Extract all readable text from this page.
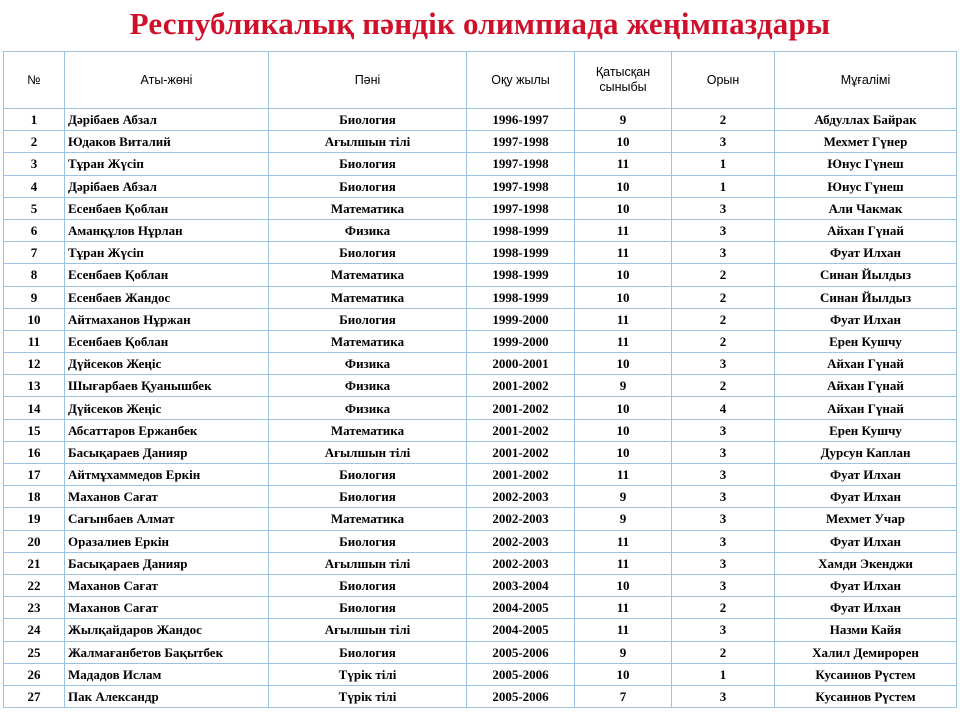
Республикалық пәндік олимпиада жеңімпаздары
№	Аты-жөні	Пәні	Оқу жылы	Қатысқан сыныбы	Орын	Мұғалімі
1	Дәрібаев Абзал	Биология	1996-1997	9	2	Абдуллах Байрак
2	Юдаков Виталий	Ағылшын тілі	1997-1998	10	3	Мехмет Гүнер
3	Тұран Жүсіп	Биология	1997-1998	11	1	Юнус Гүнеш
4	Дәрібаев Абзал	Биология	1997-1998	10	1	Юнус Гүнеш
5	Есенбаев Қоблан	Математика	1997-1998	10	3	Али Чакмак
6	Аманқұлов Нұрлан	Физика	1998-1999	11	3	Айхан Гүнай
7	Тұран Жүсіп	Биология	1998-1999	11	3	Фуат Илхан
8	Есенбаев Қоблан	Математика	1998-1999	10	2	Синан Йылдыз
9	Есенбаев Жандос	Математика	1998-1999	10	2	Синан Йылдыз
10	Айтмаханов Нұржан	Биология	1999-2000	11	2	Фуат Илхан
11	Есенбаев Қоблан	Математика	1999-2000	11	2	Ерен Кушчу
12	Дүйсеков Жеңіс	Физика	2000-2001	10	3	Айхан Гүнай
13	Шығарбаев Қуанышбек	Физика	2001-2002	9	2	Айхан Гүнай
14	Дүйсеков Жеңіс	Физика	2001-2002	10	4	Айхан Гүнай
15	Абсаттаров Ержанбек	Математика	2001-2002	10	3	Ерен Кушчу
16	Басықараев Данияр	Ағылшын тілі	2001-2002	10	3	Дурсун Каплан
17	Айтмұхаммедов Еркін	Биология	2001-2002	11	3	Фуат Илхан
18	Маханов Сағат	Биология	2002-2003	9	3	Фуат Илхан
19	Сағынбаев Алмат	Математика	2002-2003	9	3	Мехмет Учар
20	Оразалиев Еркін	Биология	2002-2003	11	3	Фуат Илхан
21	Басықараев Данияр	Ағылшын тілі	2002-2003	11	3	Хамди Экенджи
22	Маханов Сағат	Биология	2003-2004	10	3	Фуат Илхан
23	Маханов Сағат	Биология	2004-2005	11	2	Фуат Илхан
24	Жылқайдаров Жандос	Ағылшын тілі	2004-2005	11	3	Назми Кайя
25	Жалмағанбетов Бақытбек	Биология	2005-2006	9	2	Халил Демирорен
26	Мададов Ислам	Түрік тілі	2005-2006	10	1	Кусаинов Рүстем
27	Пак Александр	Түрік тілі	2005-2006	7	3	Кусаинов Рүстем
